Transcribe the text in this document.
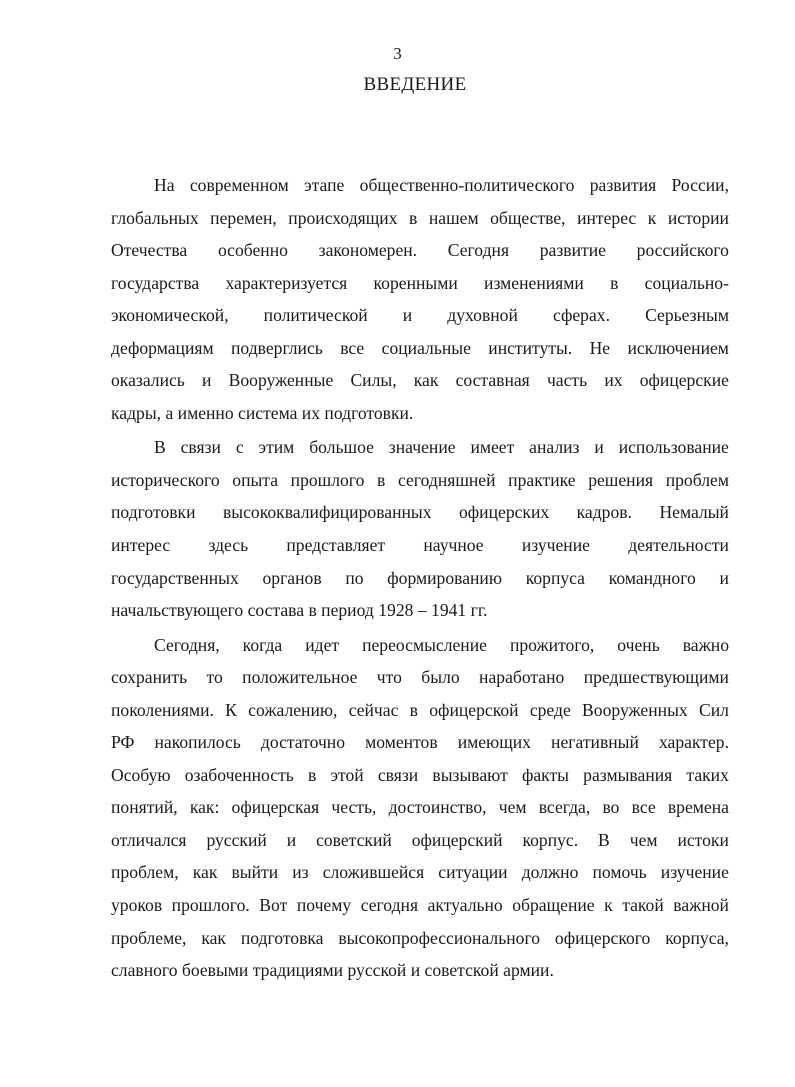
3
ВВЕДЕНИЕ
На современном этапе общественно-политического развития России,
глобальных перемен, происходящих в нашем обществе, интерес к истории
Отечества особенно закономерен. Сегодня развитие российского
государства характеризуется коренными изменениями в социально-
экономической, политической и духовной сферах. Серьезным
деформациям подверглись все социальные институты. Не исключением
оказались и Вооруженные Силы, как составная часть их офицерские
кадры, а именно система их подготовки.
В связи с этим большое значение имеет анализ и использование
исторического опыта прошлого в сегодняшней практике решения проблем
подготовки высококвалифицированных офицерских кадров. Немалый
интерес здесь представляет научное изучение деятельности
государственных органов по формированию корпуса командного и
начальствующего состава в период 1928 – 1941 гг.
Сегодня, когда идет переосмысление прожитого, очень важно
сохранить то положительное что было наработано предшествующими
поколениями. К сожалению, сейчас в офицерской среде Вооруженных Сил
РФ накопилось достаточно моментов имеющих негативный характер.
Особую озабоченность в этой связи вызывают факты размывания таких
понятий, как: офицерская честь, достоинство, чем всегда, во все времена
отличался русский и советский офицерский корпус. В чем истоки
проблем, как выйти из сложившейся ситуации должно помочь изучение
уроков прошлого. Вот почему сегодня актуально обращение к такой важной
проблеме, как подготовка высокопрофессионального офицерского корпуса,
славного боевыми традициями русской и советской армии.
